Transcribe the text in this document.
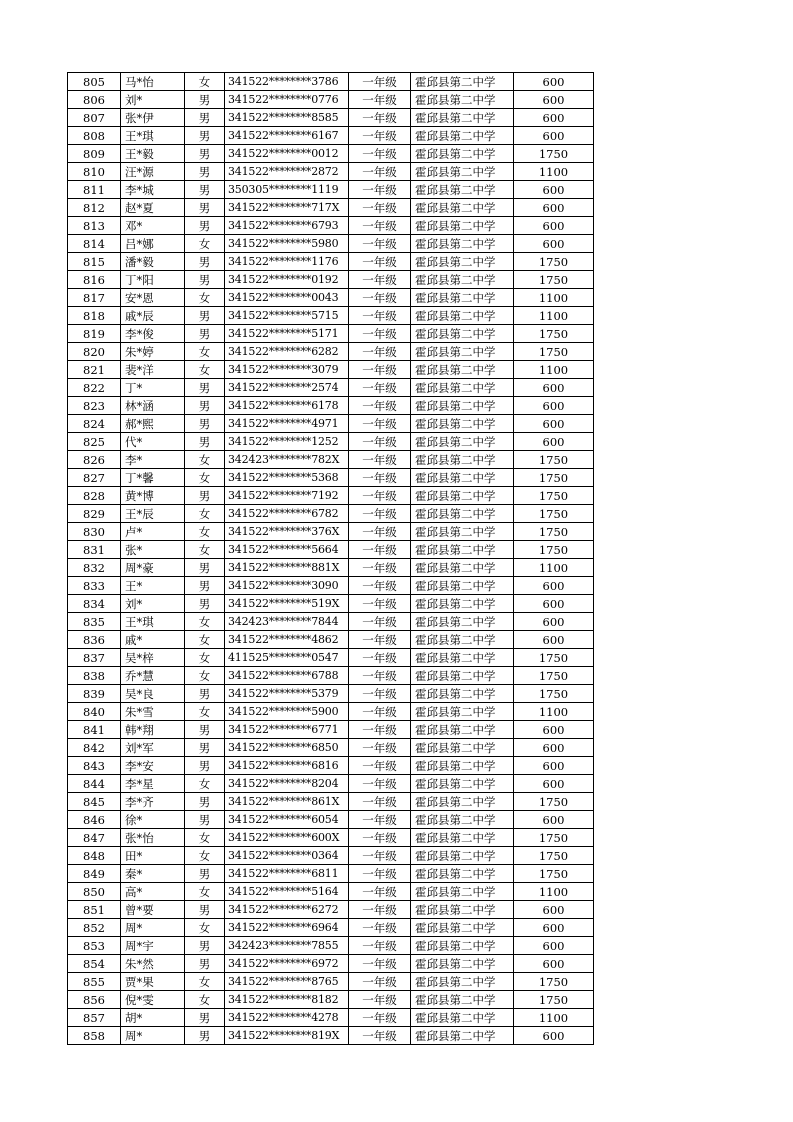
805	马*怡	女	341522********3786	一年级	霍邱县第二中学	600
806	刘*	男	341522********0776	一年级	霍邱县第二中学	600
807	张*伊	男	341522********8585	一年级	霍邱县第二中学	600
808	王*琪	男	341522********6167	一年级	霍邱县第二中学	600
809	王*毅	男	341522********0012	一年级	霍邱县第二中学	1750
810	汪*源	男	341522********2872	一年级	霍邱县第二中学	1100
811	李*城	男	350305********1119	一年级	霍邱县第二中学	600
812	赵*夏	男	341522********717X	一年级	霍邱县第二中学	600
813	邓*	男	341522********6793	一年级	霍邱县第二中学	600
814	吕*娜	女	341522********5980	一年级	霍邱县第二中学	600
815	潘*毅	男	341522********1176	一年级	霍邱县第二中学	1750
816	丁*阳	男	341522********0192	一年级	霍邱县第二中学	1750
817	安*恩	女	341522********0043	一年级	霍邱县第二中学	1100
818	戚*辰	男	341522********5715	一年级	霍邱县第二中学	1100
819	李*俊	男	341522********5171	一年级	霍邱县第二中学	1750
820	朱*婷	女	341522********6282	一年级	霍邱县第二中学	1750
821	裴*洋	女	341522********3079	一年级	霍邱县第二中学	1100
822	丁*	男	341522********2574	一年级	霍邱县第二中学	600
823	林*涵	男	341522********6178	一年级	霍邱县第二中学	600
824	郝*熙	男	341522********4971	一年级	霍邱县第二中学	600
825	代*	男	341522********1252	一年级	霍邱县第二中学	600
826	李*	女	342423********782X	一年级	霍邱县第二中学	1750
827	丁*馨	女	341522********5368	一年级	霍邱县第二中学	1750
828	黄*博	男	341522********7192	一年级	霍邱县第二中学	1750
829	王*辰	女	341522********6782	一年级	霍邱县第二中学	1750
830	卢*	女	341522********376X	一年级	霍邱县第二中学	1750
831	张*	女	341522********5664	一年级	霍邱县第二中学	1750
832	周*豪	男	341522********881X	一年级	霍邱县第二中学	1100
833	王*	男	341522********3090	一年级	霍邱县第二中学	600
834	刘*	男	341522********519X	一年级	霍邱县第二中学	600
835	王*琪	女	342423********7844	一年级	霍邱县第二中学	600
836	戚*	女	341522********4862	一年级	霍邱县第二中学	600
837	吴*梓	女	411525********0547	一年级	霍邱县第二中学	1750
838	乔*慧	女	341522********6788	一年级	霍邱县第二中学	1750
839	吴*良	男	341522********5379	一年级	霍邱县第二中学	1750
840	朱*雪	女	341522********5900	一年级	霍邱县第二中学	1100
841	韩*翔	男	341522********6771	一年级	霍邱县第二中学	600
842	刘*军	男	341522********6850	一年级	霍邱县第二中学	600
843	李*安	男	341522********6816	一年级	霍邱县第二中学	600
844	李*星	女	341522********8204	一年级	霍邱县第二中学	600
845	李*齐	男	341522********861X	一年级	霍邱县第二中学	1750
846	徐*	男	341522********6054	一年级	霍邱县第二中学	600
847	张*怡	女	341522********600X	一年级	霍邱县第二中学	1750
848	田*	女	341522********0364	一年级	霍邱县第二中学	1750
849	秦*	男	341522********6811	一年级	霍邱县第二中学	1750
850	高*	女	341522********5164	一年级	霍邱县第二中学	1100
851	曾*要	男	341522********6272	一年级	霍邱县第二中学	600
852	周*	女	341522********6964	一年级	霍邱县第二中学	600
853	周*宇	男	342423********7855	一年级	霍邱县第二中学	600
854	朱*然	男	341522********6972	一年级	霍邱县第二中学	600
855	贾*果	女	341522********8765	一年级	霍邱县第二中学	1750
856	倪*雯	女	341522********8182	一年级	霍邱县第二中学	1750
857	胡*	男	341522********4278	一年级	霍邱县第二中学	1100
858	周*	男	341522********819X	一年级	霍邱县第二中学	600
